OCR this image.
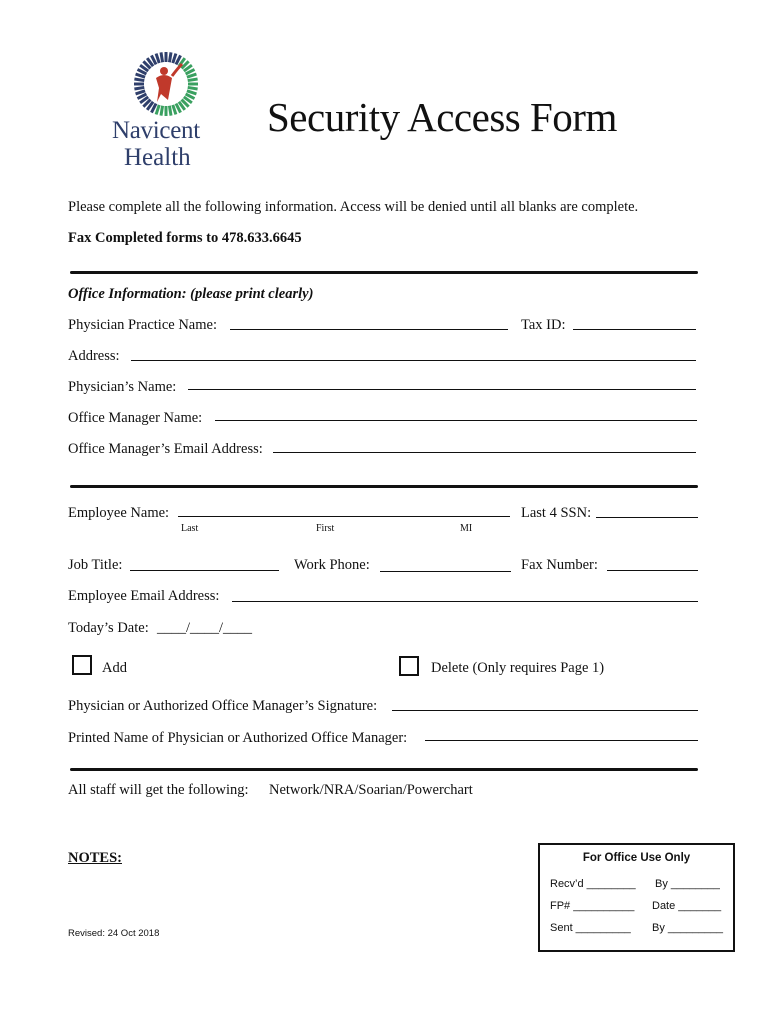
Navicent
Health
Security Access Form
Please complete all the following information. Access will be denied until all blanks are complete.
Fax Completed forms to 478.633.6645
Office Information: (please print clearly)
Physician Practice Name:	Tax ID:
Address:
Physician’s Name:
Office Manager Name:
Office Manager’s Email Address:
Employee Name:
Last	First	MI
Last 4 SSN:
Job Title:	Work Phone:	Fax Number:
Employee Email Address:
Today’s Date: ____/____/____
Add	Delete (Only requires Page 1)
Physician or Authorized Office Manager’s Signature:
Printed Name of Physician or Authorized Office Manager:
All staff will get the following: Network/NRA/Soarian/Powerchart
NOTES:
Revised: 24 Oct 2018
For Office Use Only
Recv’d ________ By ________
FP# __________ Date _______
Sent _________ By _________
